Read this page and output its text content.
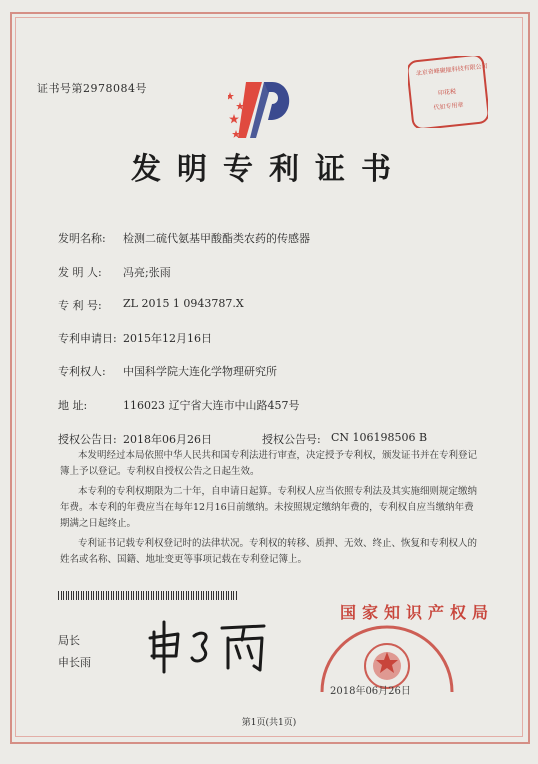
证书号第2978084号
北京奇峰聚能科技有限公司 印花税 代扣专用章
发明专利证书
发明名称: 检测二硫代氨基甲酸酯类农药的传感器
发 明 人: 冯亮;张雨
专 利 号: ZL 2015 1 0943787.X
专利申请日: 2015年12月16日
专利权人: 中国科学院大连化学物理研究所
地 址:	116023 辽宁省大连市中山路457号
授权公告日: 2018年06月26日	授权公告号: CN 106198506 B
本发明经过本局依照中华人民共和国专利法进行审查，决定授予专利权，颁发证书并在专利登记簿上予以登记。专利权自授权公告之日起生效。
本专利的专利权期限为二十年，自申请日起算。专利权人应当依照专利法及其实施细则规定缴纳年费。本专利的年费应当在每年12月16日前缴纳。未按照规定缴纳年费的，专利权自应当缴纳年费期满之日起终止。
专利证书记载专利权登记时的法律状况。专利权的转移、质押、无效、终止、恢复和专利权人的姓名或名称、国籍、地址变更等事项记载在专利登记簿上。
局长
申长雨
国家知识产权局
2018年06月26日
第1页(共1页)
